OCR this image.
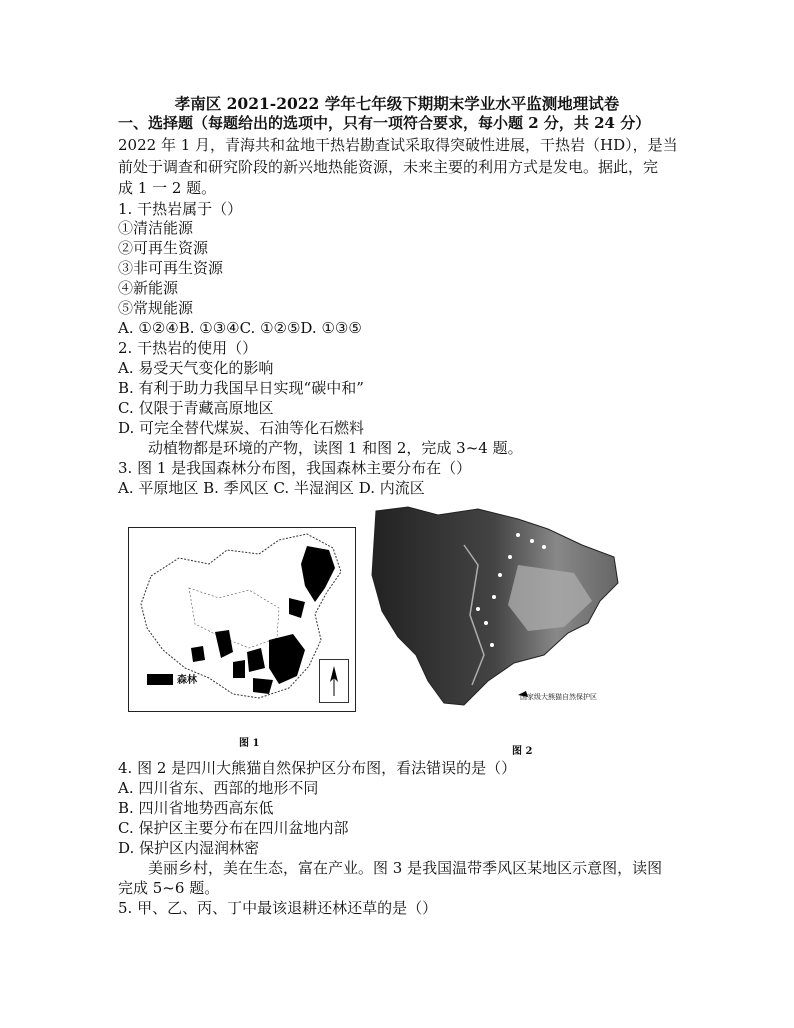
孝南区 2021-2022 学年七年级下期期末学业水平监测地理试卷
一、选择题（每题给出的选项中，只有一项符合要求，每小题 2 分，共 24 分）
2022 年 1 月，青海共和盆地干热岩勘查试采取得突破性进展，干热岩（HD），是当
前处于调查和研究阶段的新兴地热能资源，未来主要的利用方式是发电。据此，完
成 1 一 2 题。
1. 干热岩属于（）
①清洁能源
②可再生资源
③非可再生资源
④新能源
⑤常规能源
A. ①②④B. ①③④C. ①②⑤D. ①③⑤
2. 干热岩的使用（）
A. 易受天气变化的影响
B. 有利于助力我国早日实现“碳中和”
C. 仅限于青藏高原地区
D. 可完全替代煤炭、石油等化石燃料
动植物都是环境的产物，读图 1 和图 2，完成 3~4 题。
3. 图 1 是我国森林分布图，我国森林主要分布在（）
A. 平原地区 B. 季风区 C. 半湿润区 D. 内流区
森林
图 1
国家级大熊猫自然保护区
图 2
4. 图 2 是四川大熊猫自然保护区分布图，看法错误的是（）
A. 四川省东、西部的地形不同
B. 四川省地势西高东低
C. 保护区主要分布在四川盆地内部
D. 保护区内湿润林密
美丽乡村，美在生态，富在产业。图 3 是我国温带季风区某地区示意图，读图
完成 5~6 题。
5. 甲、乙、丙、丁中最该退耕还林还草的是（）
